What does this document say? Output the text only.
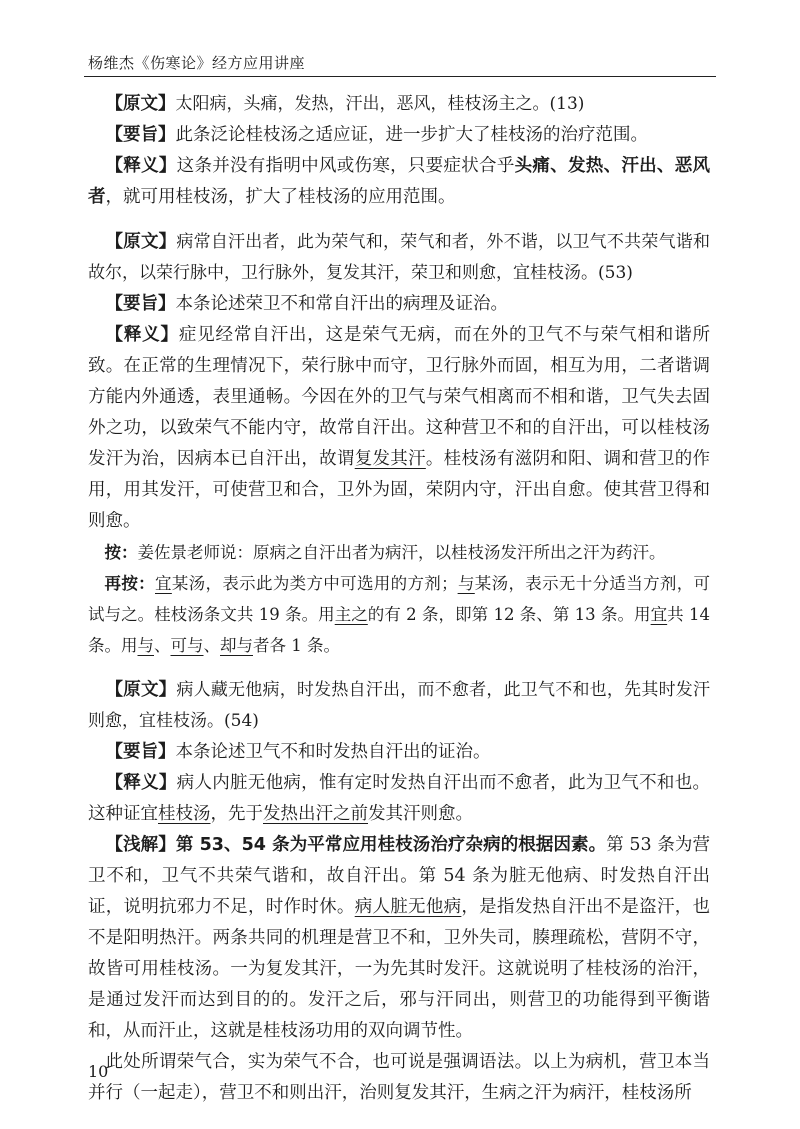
杨维杰《伤寒论》经方应用讲座

【原文】太阳病，头痛，发热，汗出，恶风，桂枝汤主之。(13)

【要旨】此条泛论桂枝汤之适应证，进一步扩大了桂枝汤的治疗范围。

【释义】这条并没有指明中风或伤寒，只要症状合乎头痛、发热、汗出、恶风者，就可用桂枝汤，扩大了桂枝汤的应用范围。

【原文】病常自汗出者，此为荣气和，荣气和者，外不谐，以卫气不共荣气谐和故尔，以荣行脉中，卫行脉外，复发其汗，荣卫和则愈，宜桂枝汤。(53)

【要旨】本条论述荣卫不和常自汗出的病理及证治。

【释义】症见经常自汗出，这是荣气无病，而在外的卫气不与荣气相和谐所致。在正常的生理情况下，荣行脉中而守，卫行脉外而固，相互为用，二者谐调方能内外通透，表里通畅。今因在外的卫气与荣气相离而不相和谐，卫气失去固外之功，以致荣气不能内守，故常自汗出。这种营卫不和的自汗出，可以桂枝汤发汗为治，因病本已自汗出，故谓复发其汗。桂枝汤有滋阴和阳、调和营卫的作用，用其发汗，可使营卫和合，卫外为固，荣阴内守，汗出自愈。使其营卫得和则愈。

按：姜佐景老师说：原病之自汗出者为病汗，以桂枝汤发汗所出之汗为药汗。

再按：宜某汤，表示此为类方中可选用的方剂；与某汤，表示无十分适当方剂，可试与之。桂枝汤条文共 19 条。用主之的有 2 条，即第 12 条、第 13 条。用宜共 14 条。用与、可与、却与者各 1 条。

【原文】病人藏无他病，时发热自汗出，而不愈者，此卫气不和也，先其时发汗则愈，宜桂枝汤。(54)

【要旨】本条论述卫气不和时发热自汗出的证治。

【释义】病人内脏无他病，惟有定时发热自汗出而不愈者，此为卫气不和也。这种证宜桂枝汤，先于发热出汗之前发其汗则愈。

【浅解】第 53、54 条为平常应用桂枝汤治疗杂病的根据因素。第 53 条为营卫不和，卫气不共荣气谐和，故自汗出。第 54 条为脏无他病、时发热自汗出证，说明抗邪力不足，时作时休。病人脏无他病，是指发热自汗出不是盗汗，也不是阳明热汗。两条共同的机理是营卫不和，卫外失司，腠理疏松，营阴不守，故皆可用桂枝汤。一为复发其汗，一为先其时发汗。这就说明了桂枝汤的治汗，是通过发汗而达到目的的。发汗之后，邪与汗同出，则营卫的功能得到平衡谐和，从而汗止，这就是桂枝汤功用的双向调节性。

此处所谓荣气合，实为荣气不合，也可说是强调语法。以上为病机，营卫本当并行（一起走），营卫不和则出汗，治则复发其汗，生病之汗为病汗，桂枝汤所

10
